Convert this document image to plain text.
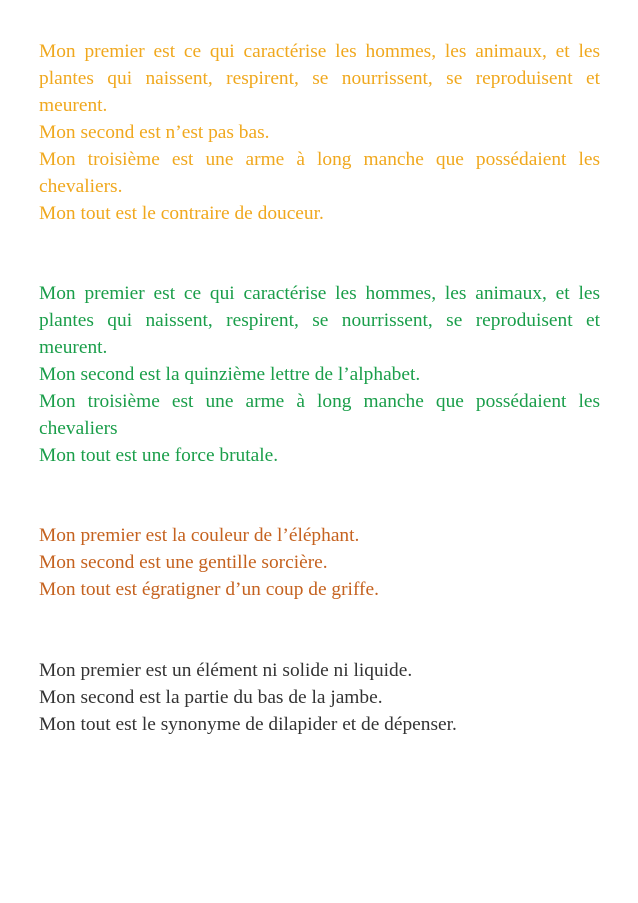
Mon premier est ce qui caractérise les hommes, les animaux, et les plantes qui naissent, respirent, se nourrissent, se reproduisent et meurent.
Mon second est n’est pas bas.
Mon troisième est une arme à long manche que possédaient les chevaliers.
Mon tout est le contraire de douceur.
Mon premier est ce qui caractérise les hommes, les animaux, et les plantes qui naissent, respirent, se nourrissent, se reproduisent et meurent.
Mon second est la quinzième lettre de l’alphabet.
Mon troisième est une arme à long manche que possédaient les chevaliers
Mon tout est une force brutale.
Mon premier est la couleur de l’éléphant.
Mon second est une gentille sorcière.
Mon tout est égratigner d’un coup de griffe.
Mon premier est un élément ni solide ni liquide.
Mon second est la partie du bas de la jambe.
Mon tout est le synonyme de dilapider et de dépenser.
